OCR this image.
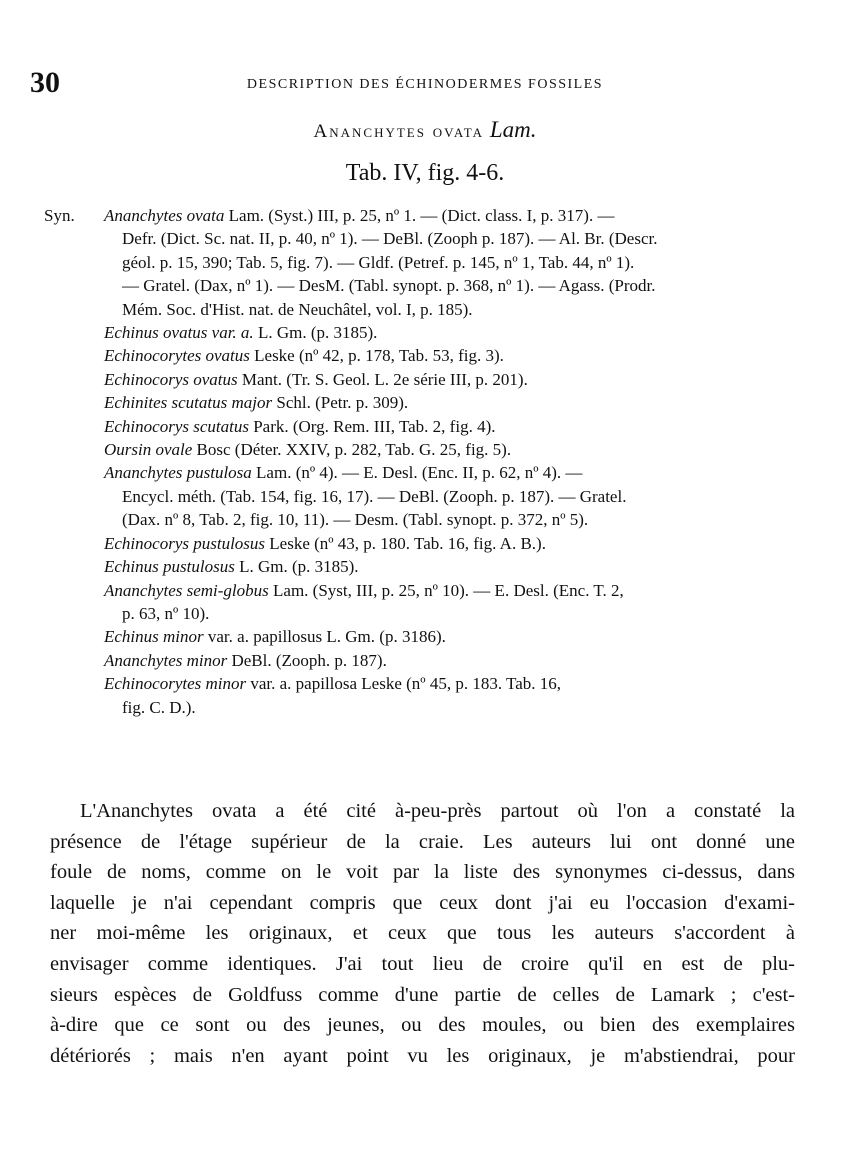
30	DESCRIPTION DES ÉCHINODERMES FOSSILES
Ananchytes ovata Lam.
Tab. IV, fig. 4-6.
Syn. Ananchytes ovata Lam. (Syst.) III, p. 25, nº 1. — (Dict. class. I, p. 317). —
Defr. (Dict. Sc. nat. II, p. 40, nº 1). — DeBl. (Zooph p. 187). — Al. Br. (Descr.
géol. p. 15, 390; Tab. 5, fig. 7). — Gldf. (Petref. p. 145, nº 1, Tab. 44, nº 1).
— Gratel. (Dax, nº 1). — DesM. (Tabl. synopt. p. 368, nº 1). — Agass. (Prodr.
Mém. Soc. d'Hist. nat. de Neuchâtel, vol. I, p. 185).
Echinus ovatus var. a. L. Gm. (p. 3185).
Echinocorytes ovatus Leske (nº 42, p. 178, Tab. 53, fig. 3).
Echinocorys ovatus Mant. (Tr. S. Geol. L. 2e série III, p. 201).
Echinites scutatus major Schl. (Petr. p. 309).
Echinocorys scutatus Park. (Org. Rem. III, Tab. 2, fig. 4).
Oursin ovale Bosc (Déter. XXIV, p. 282, Tab. G. 25, fig. 5).
Ananchytes pustulosa Lam. (nº 4). — E. Desl. (Enc. II, p. 62, nº 4). —
Encycl. méth. (Tab. 154, fig. 16, 17). — DeBl. (Zooph. p. 187). — Gratel.
(Dax. nº 8, Tab. 2, fig. 10, 11). — Desm. (Tabl. synopt. p. 372, nº 5).
Echinocorys pustulosus Leske (nº 43, p. 180. Tab. 16, fig. A. B.).
Echinus pustulosus L. Gm. (p. 3185).
Ananchytes semi-globus Lam. (Syst, III, p. 25, nº 10). — E. Desl. (Enc. T. 2,
p. 63, nº 10).
Echinus minor var. a. papillosus L. Gm. (p. 3186).
Ananchytes minor DeBl. (Zooph. p. 187).
Echinocorytes minor var. a. papillosa Leske (nº 45, p. 183. Tab. 16,
fig. C. D.).
L'Ananchytes ovata a été cité à-peu-près partout où l'on a constaté la
présence de l'étage supérieur de la craie. Les auteurs lui ont donné une
foule de noms, comme on le voit par la liste des synonymes ci-dessus, dans
laquelle je n'ai cependant compris que ceux dont j'ai eu l'occasion d'exami-
ner moi-même les originaux, et ceux que tous les auteurs s'accordent à
envisager comme identiques. J'ai tout lieu de croire qu'il en est de plu-
sieurs espèces de Goldfuss comme d'une partie de celles de Lamark ; c'est-
à-dire que ce sont ou des jeunes, ou des moules, ou bien des exemplaires
détériorés ; mais n'en ayant point vu les originaux, je m'abstiendrai, pour
